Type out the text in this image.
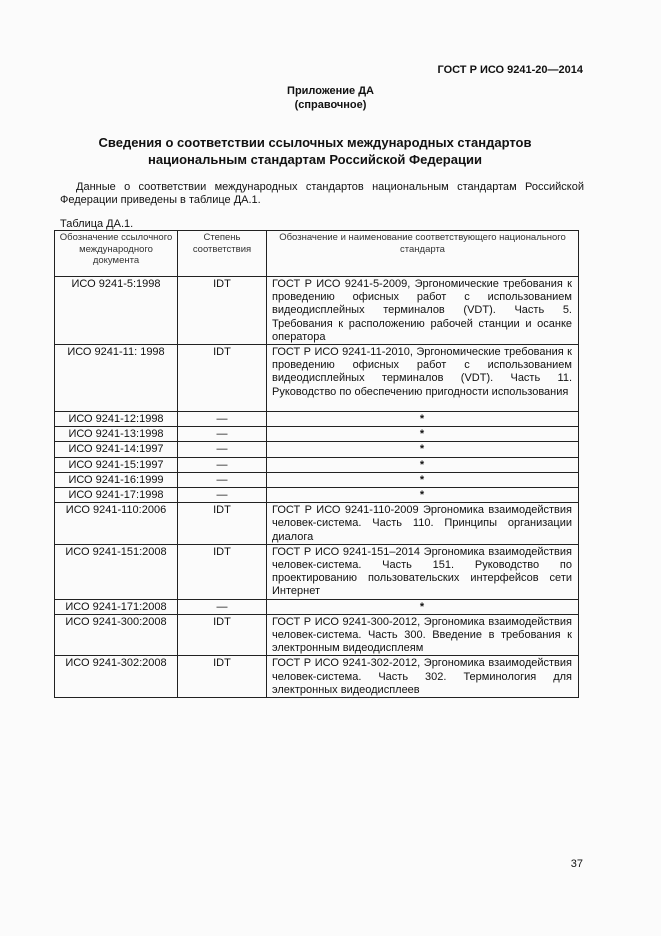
ГОСТ Р ИСО 9241-20—2014
Приложение ДА
(справочное)
Сведения о соответствии ссылочных международных стандартов
национальным стандартам Российской Федерации
Данные о соответствии международных стандартов национальным стандартам Российской
Федерации приведены в таблице ДА.1.
Таблица ДА.1.
Обозначение ссылочного международного документа	Степень соответствия	Обозначение и наименование соответствующего национального стандарта
ИСО 9241-5:1998	IDT	ГОСТ Р ИСО 9241-5-2009, Эргономические требования к проведению офисных работ с использованием видеодисплейных терминалов (VDT). Часть 5. Требования к расположению рабочей станции и осанке оператора
ИСО 9241-11: 1998	IDT	ГОСТ Р ИСО 9241-11-2010, Эргономические требования к проведению офисных работ с использованием видеодисплейных терминалов (VDT). Часть 11. Руководство по обеспечению пригодности использования
ИСО 9241-12:1998	—	*
ИСО 9241-13:1998	—	*
ИСО 9241-14:1997	—	*
ИСО 9241-15:1997	—	*
ИСО 9241-16:1999	—	*
ИСО 9241-17:1998	—	*
ИСО 9241-110:2006	IDT	ГОСТ Р ИСО 9241-110-2009 Эргономика взаимодействия человек-система. Часть 110. Принципы организации диалога
ИСО 9241-151:2008	IDT	ГОСТ Р ИСО 9241-151–2014 Эргономика взаимодействия человек-система. Часть 151. Руководство по проектированию пользовательских интерфейсов сети Интернет
ИСО 9241-171:2008	—	*
ИСО 9241-300:2008	IDT	ГОСТ Р ИСО 9241-300-2012, Эргономика взаимодействия человек-система. Часть 300. Введение в требования к электронным видеодисплеям
ИСО 9241-302:2008	IDT	ГОСТ Р ИСО 9241-302-2012, Эргономика взаимодействия человек-система. Часть 302. Терминология для электронных видеодисплеев
37
